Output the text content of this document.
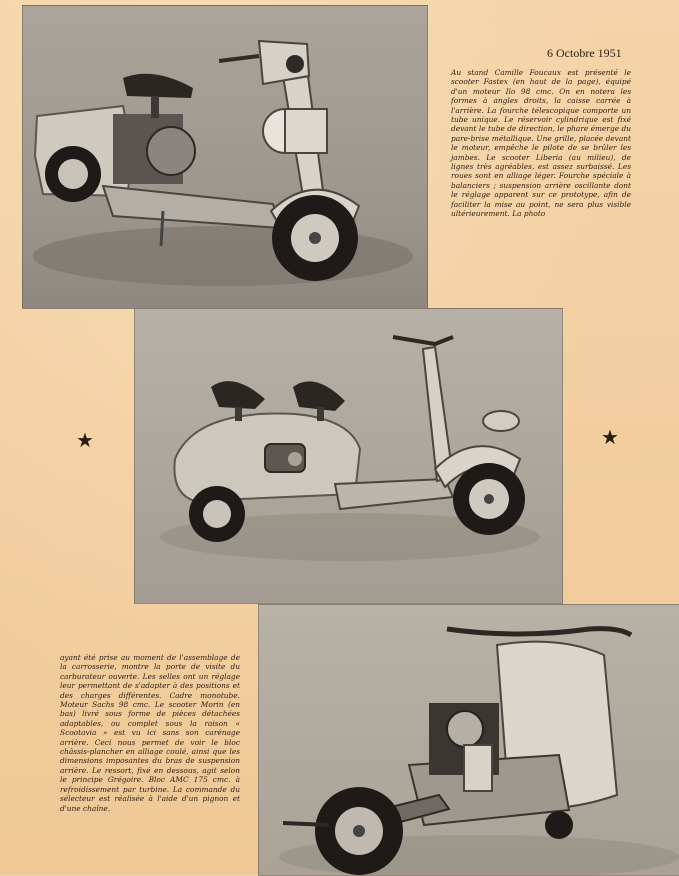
6 Octobre 1951

Au stand Camille Foucaux est présenté le scooter Fastex (en haut de la page), équipé d'un moteur Ilo 98 cmc. On en notera les formes à angles droits, la caisse carrée à l'arrière. La fourche télescopique comporte un tube unique. Le réservoir cylindrique est fixé devant le tube de direction, le phare émerge du pare-brise métallique. Une grille, placée devant le moteur, empêche le pilote de se brûler les jambes. Le scooter Liberia (au milieu), de lignes très agréables, est assez surbaissé. Les roues sont en alliage léger. Fourche spéciale à balanciers ; suspension arrière oscillante dont le réglage apparent sur ce prototype, afin de faciliter la mise au point, ne sera plus visible ultérieurement. La photo

ayant été prise au moment de l'assemblage de la carrosserie, montre la porte de visite du carburateur ouverte. Les selles ont un réglage leur permettant de s'adapter à des positions et des charges différentes. Cadre monotube. Moteur Sachs 98 cmc. Le scooter Morin (en bas) livré sous forme de pièces détachées adaptables, ou complet sous la raison « Scootavia » est vu ici sans son carénage arrière. Ceci nous permet de voir le bloc châssis-plancher en alliage coulé, ainsi que les dimensions imposantes du bras de suspension arrière. Le ressort, fixé en dessous, agit selon le principe Grégoire. Bloc AMC 175 cmc. à refroidissement par turbine. La commande du sélecteur est réalisée à l'aide d'un pignon et d'une chaîne.

★	★
